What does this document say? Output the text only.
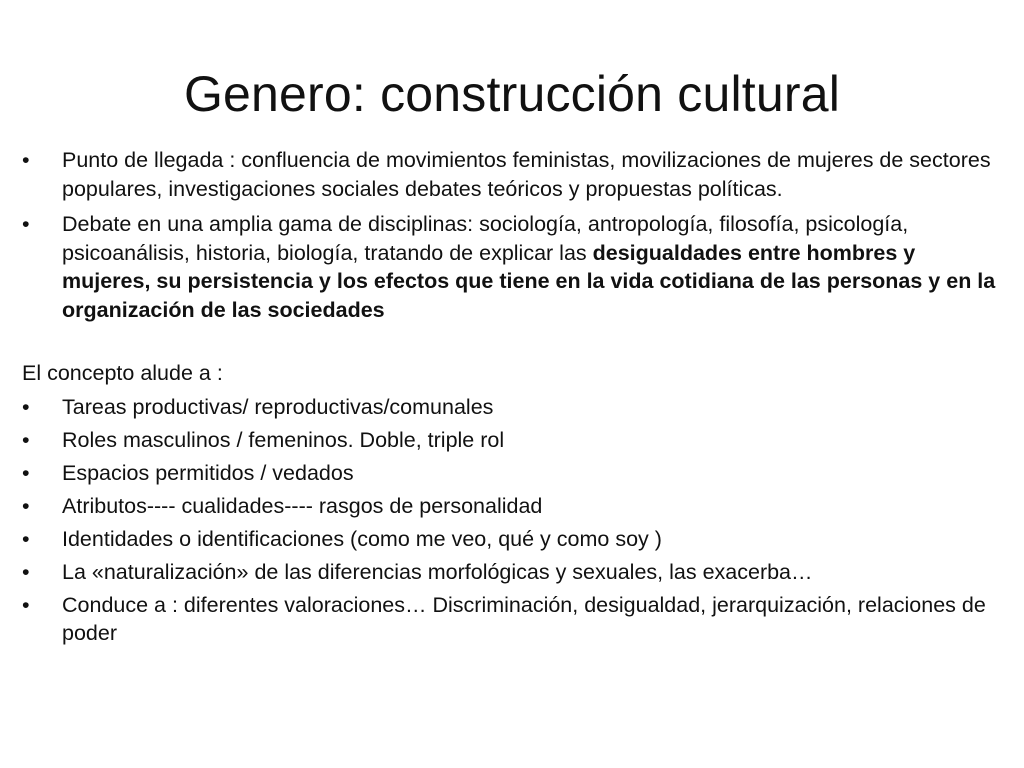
Genero: construcción cultural
•	Punto de llegada : confluencia de movimientos feministas, movilizaciones de mujeres de sectores populares, investigaciones sociales debates teóricos y propuestas políticas.
•	Debate en una amplia gama de disciplinas: sociología, antropología, filosofía, psicología, psicoanálisis, historia, biología, tratando de explicar las desigualdades entre hombres y mujeres, su persistencia y los efectos que tiene en la vida cotidiana de las personas y en la organización de las sociedades
El concepto alude a :
•	Tareas productivas/ reproductivas/comunales
•	Roles masculinos / femeninos. Doble, triple rol
•	Espacios permitidos / vedados
•	Atributos---- cualidades---- rasgos de personalidad
•	Identidades o identificaciones (como me veo, qué y como soy )
•	La «naturalización» de las diferencias morfológicas y sexuales, las exacerba…
•	Conduce a : diferentes valoraciones… Discriminación, desigualdad, jerarquización, relaciones de poder
